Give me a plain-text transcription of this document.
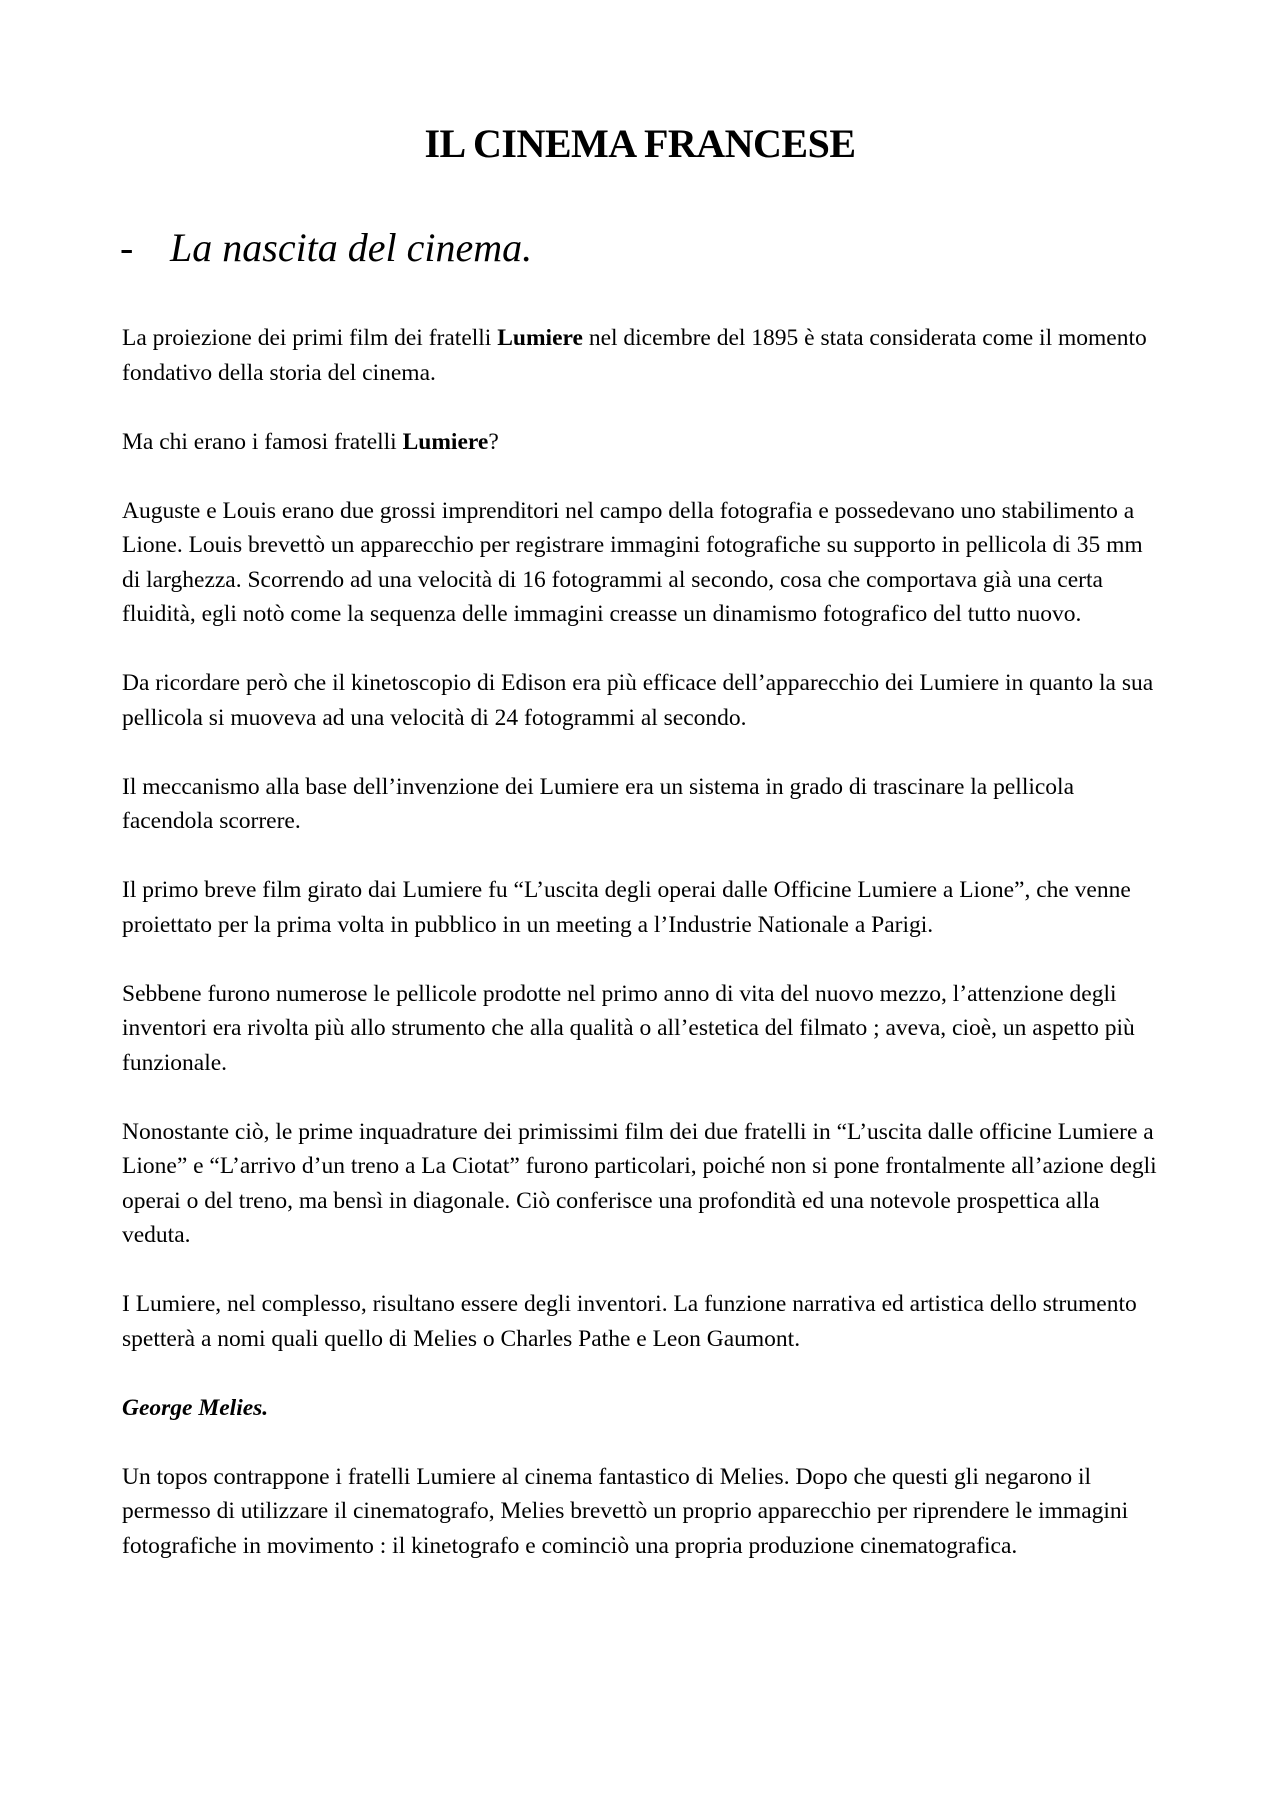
IL CINEMA FRANCESE
- La nascita del cinema.

La proiezione dei primi film dei fratelli Lumiere nel dicembre del 1895 è stata considerata come il momento fondativo della storia del cinema.

Ma chi erano i famosi fratelli Lumiere?

Auguste e Louis erano due grossi imprenditori nel campo della fotografia e possedevano uno stabilimento a Lione. Louis brevettò un apparecchio per registrare immagini fotografiche su supporto in pellicola di 35 mm di larghezza. Scorrendo ad una velocità di 16 fotogrammi al secondo, cosa che comportava già una certa fluidità, egli notò come la sequenza delle immagini creasse un dinamismo fotografico del tutto nuovo.

Da ricordare però che il kinetoscopio di Edison era più efficace dell’apparecchio dei Lumiere in quanto la sua pellicola si muoveva ad una velocità di 24 fotogrammi al secondo.

Il meccanismo alla base dell’invenzione dei Lumiere era un sistema in grado di trascinare la pellicola facendola scorrere.

Il primo breve film girato dai Lumiere fu “L’uscita degli operai dalle Officine Lumiere a Lione”, che venne proiettato per la prima volta in pubblico in un meeting a l’Industrie Nationale a Parigi.

Sebbene furono numerose le pellicole prodotte nel primo anno di vita del nuovo mezzo, l’attenzione degli inventori era rivolta più allo strumento che alla qualità o all’estetica del filmato ; aveva, cioè, un aspetto più funzionale.

Nonostante ciò, le prime inquadrature dei primissimi film dei due fratelli in “L’uscita dalle officine Lumiere a Lione” e “L’arrivo d’un treno a La Ciotat” furono particolari, poiché non si pone frontalmente all’azione degli operai o del treno, ma bensì in diagonale. Ciò conferisce una profondità ed una notevole prospettica alla veduta.

I Lumiere, nel complesso, risultano essere degli inventori. La funzione narrativa ed artistica dello strumento spetterà a nomi quali quello di Melies o Charles Pathe e Leon Gaumont.

George Melies.

Un topos contrappone i fratelli Lumiere al cinema fantastico di Melies. Dopo che questi gli negarono il permesso di utilizzare il cinematografo, Melies brevettò un proprio apparecchio per riprendere le immagini fotografiche in movimento : il kinetografo e cominciò una propria produzione cinematografica.
